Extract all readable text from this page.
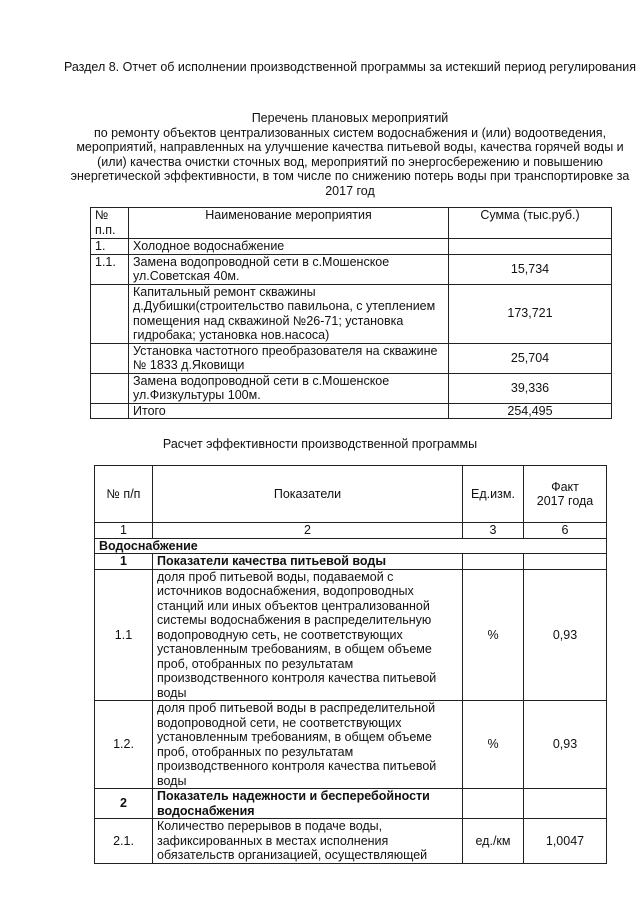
Раздел 8. Отчет об исполнении производственной программы за истекший период регулирования
Перечень плановых мероприятий
по ремонту объектов централизованных систем водоснабжения и (или) водоотведения, мероприятий, направленных на улучшение качества питьевой воды, качества горячей воды и (или) качества очистки сточных вод, мероприятий по энергосбережению и повышению энергетической эффективности, в том числе по снижению потерь воды при транспортировке за 2017 год
№ п.п.	Наименование мероприятия	Сумма (тыс.руб.)
1.	Холодное водоснабжение	
1.1.	Замена водопроводной сети в с.Мошенское ул.Советская 40м.	15,734
	Капитальный ремонт скважины д.Дубишки(строительство павильона, с утеплением помещения над скважиной №26-71; установка гидробака; установка нов.насоса)	173,721
	Установка частотного преобразователя на скважине № 1833 д.Яковищи	25,704
	Замена водопроводной сети в с.Мошенское ул.Физкультуры 100м.	39,336
	Итого	254,495
Расчет эффективности производственной программы
№ п/п	Показатели	Ед.изм.	Факт 2017 года
1	2	3	6
Водоснабжение			
1	Показатели качества питьевой воды		
1.1	доля проб питьевой воды, подаваемой с источников водоснабжения, водопроводных станций или иных объектов централизованной системы водоснабжения в распределительную водопроводную сеть, не соответствующих установленным требованиям, в общем объеме проб, отобранных по результатам производственного контроля качества питьевой воды	%	0,93
1.2.	доля проб питьевой воды в распределительной водопроводной сети, не соответствующих установленным требованиям, в общем объеме проб, отобранных по результатам производственного контроля качества питьевой воды	%	0,93
2	Показатель надежности и бесперебойности водоснабжения		
2.1.	Количество перерывов в подаче воды, зафиксированных в местах исполнения обязательств организацией, осуществляющей	ед./км	1,0047
